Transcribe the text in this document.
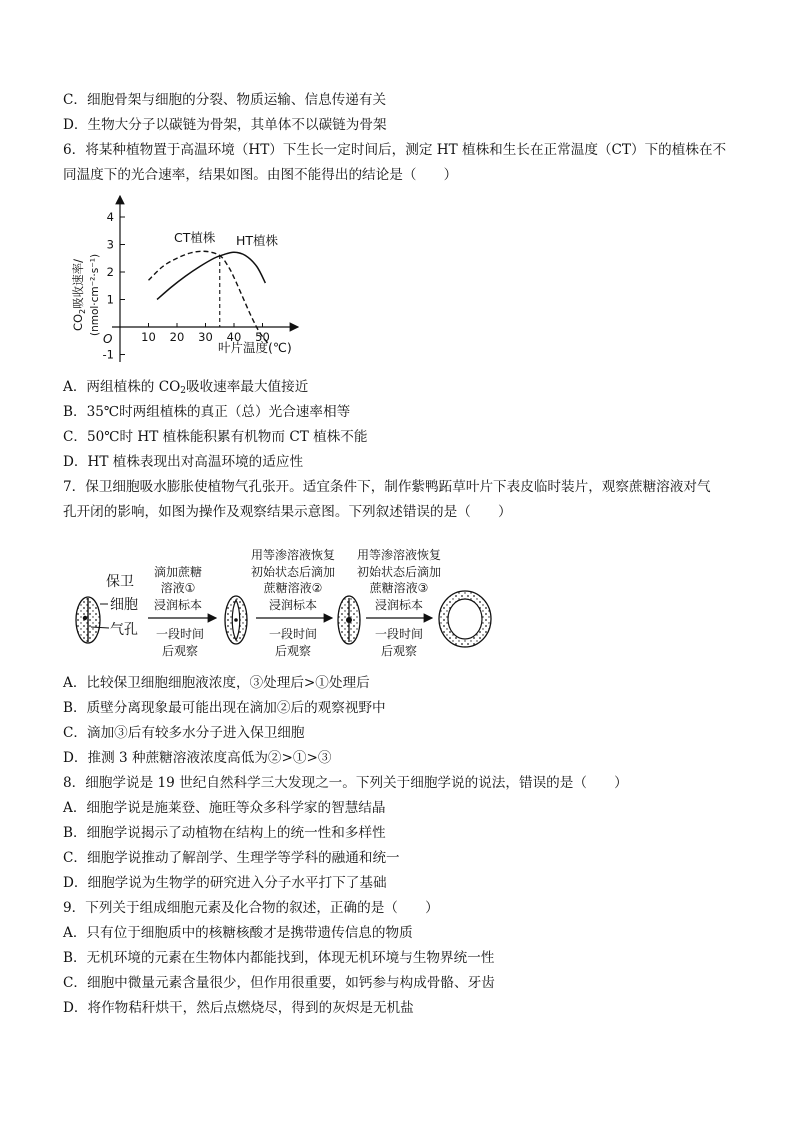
C．细胞骨架与细胞的分裂、物质运输、信息传递有关
D．生物大分子以碳链为骨架，其单体不以碳链为骨架
6．将某种植物置于高温环境（HT）下生长一定时间后，测定 HT 植株和生长在正常温度（CT）下的植株在不
同温度下的光合速率，结果如图。由图不能得出的结论是（　　）
$CO_2$吸收速率/ (nmol·cm⁻²·s⁻¹)
4
3
2
1
-1
10 20 30 40 50
O
叶片温度(℃)
CT植株 HT植株
A．两组植株的 $CO_2$吸收速率最大值接近
B．35℃时两组植株的真正（总）光合速率相等
C．50℃时 HT 植株能积累有机物而 CT 植株不能
D．HT 植株表现出对高温环境的适应性
7．保卫细胞吸水膨胀使植物气孔张开。适宜条件下，制作紫鸭跖草叶片下表皮临时装片，观察蔗糖溶液对气
孔开闭的影响，如图为操作及观察结果示意图。下列叙述错误的是（　　）
保卫
细胞
气孔
滴加蔗糖
溶液①
浸润标本
一段时间
后观察
用等渗溶液恢复
初始状态后滴加
蔗糖溶液②
浸润标本
一段时间
后观察
用等渗溶液恢复
初始状态后滴加
蔗糖溶液③
浸润标本
一段时间
后观察
A．比较保卫细胞细胞液浓度，③处理后>①处理后
B．质壁分离现象最可能出现在滴加②后的观察视野中
C．滴加③后有较多水分子进入保卫细胞
D．推测 3 种蔗糖溶液浓度高低为②>①>③
8．细胞学说是 19 世纪自然科学三大发现之一。下列关于细胞学说的说法，错误的是（　　）
A．细胞学说是施莱登、施旺等众多科学家的智慧结晶
B．细胞学说揭示了动植物在结构上的统一性和多样性
C．细胞学说推动了解剖学、生理学等学科的融通和统一
D．细胞学说为生物学的研究进入分子水平打下了基础
9．下列关于组成细胞元素及化合物的叙述，正确的是（　　）
A．只有位于细胞质中的核糖核酸才是携带遗传信息的物质
B．无机环境的元素在生物体内都能找到，体现无机环境与生物界统一性
C．细胞中微量元素含量很少，但作用很重要，如钙参与构成骨骼、牙齿
D．将作物秸秆烘干，然后点燃烧尽，得到的灰烬是无机盐
